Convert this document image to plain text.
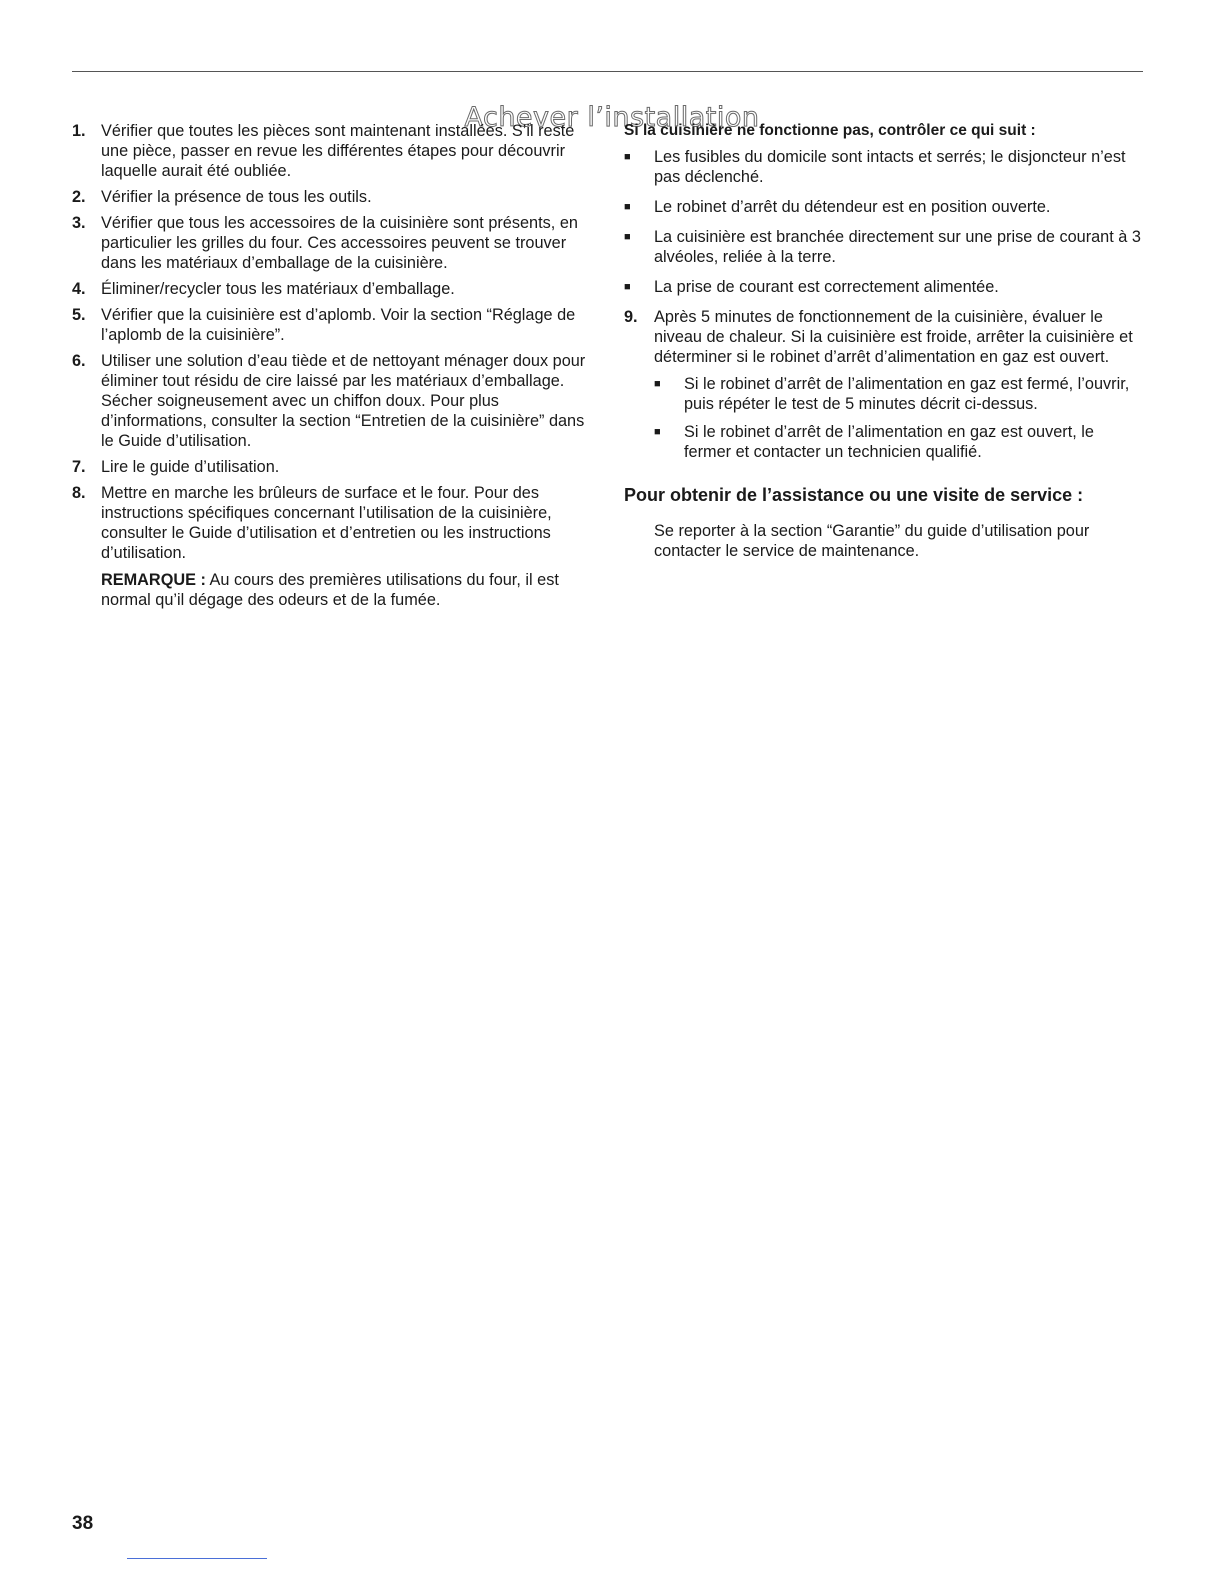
Achever l’installation
1. Vérifier que toutes les pièces sont maintenant installées. S’il reste une pièce, passer en revue les différentes étapes pour découvrir laquelle aurait été oubliée.
2. Vérifier la présence de tous les outils.
3. Vérifier que tous les accessoires de la cuisinière sont présents, en particulier les grilles du four. Ces accessoires peuvent se trouver dans les matériaux d’emballage de la cuisinière.
4. Éliminer/recycler tous les matériaux d’emballage.
5. Vérifier que la cuisinière est d’aplomb. Voir la section “Réglage de l’aplomb de la cuisinière”.
6. Utiliser une solution d’eau tiède et de nettoyant ménager doux pour éliminer tout résidu de cire laissé par les matériaux d’emballage. Sécher soigneusement avec un chiffon doux. Pour plus d’informations, consulter la section “Entretien de la cuisinière” dans le Guide d’utilisation.
7. Lire le guide d’utilisation.
8. Mettre en marche les brûleurs de surface et le four. Pour des instructions spécifiques concernant l’utilisation de la cuisinière, consulter le Guide d’utilisation et d’entretien ou les instructions d’utilisation.
REMARQUE : Au cours des premières utilisations du four, il est normal qu’il dégage des odeurs et de la fumée.
Si la cuisinière ne fonctionne pas, contrôler ce qui suit :
■	Les fusibles du domicile sont intacts et serrés; le disjoncteur n’est pas déclenché.
■	Le robinet d’arrêt du détendeur est en position ouverte.
■	La cuisinière est branchée directement sur une prise de courant à 3 alvéoles, reliée à la terre.
■	La prise de courant est correctement alimentée.
9.	Après 5 minutes de fonctionnement de la cuisinière, évaluer le niveau de chaleur. Si la cuisinière est froide, arrêter la cuisinière et déterminer si le robinet d’arrêt d’alimentation en gaz est ouvert.
■	Si le robinet d’arrêt de l’alimentation en gaz est fermé, l’ouvrir, puis répéter le test de 5 minutes décrit ci-dessus.
■	Si le robinet d’arrêt de l’alimentation en gaz est ouvert, le fermer et contacter un technicien qualifié.
Pour obtenir de l’assistance ou une visite de service :
Se reporter à la section “Garantie” du guide d’utilisation pour contacter le service de maintenance.
38
